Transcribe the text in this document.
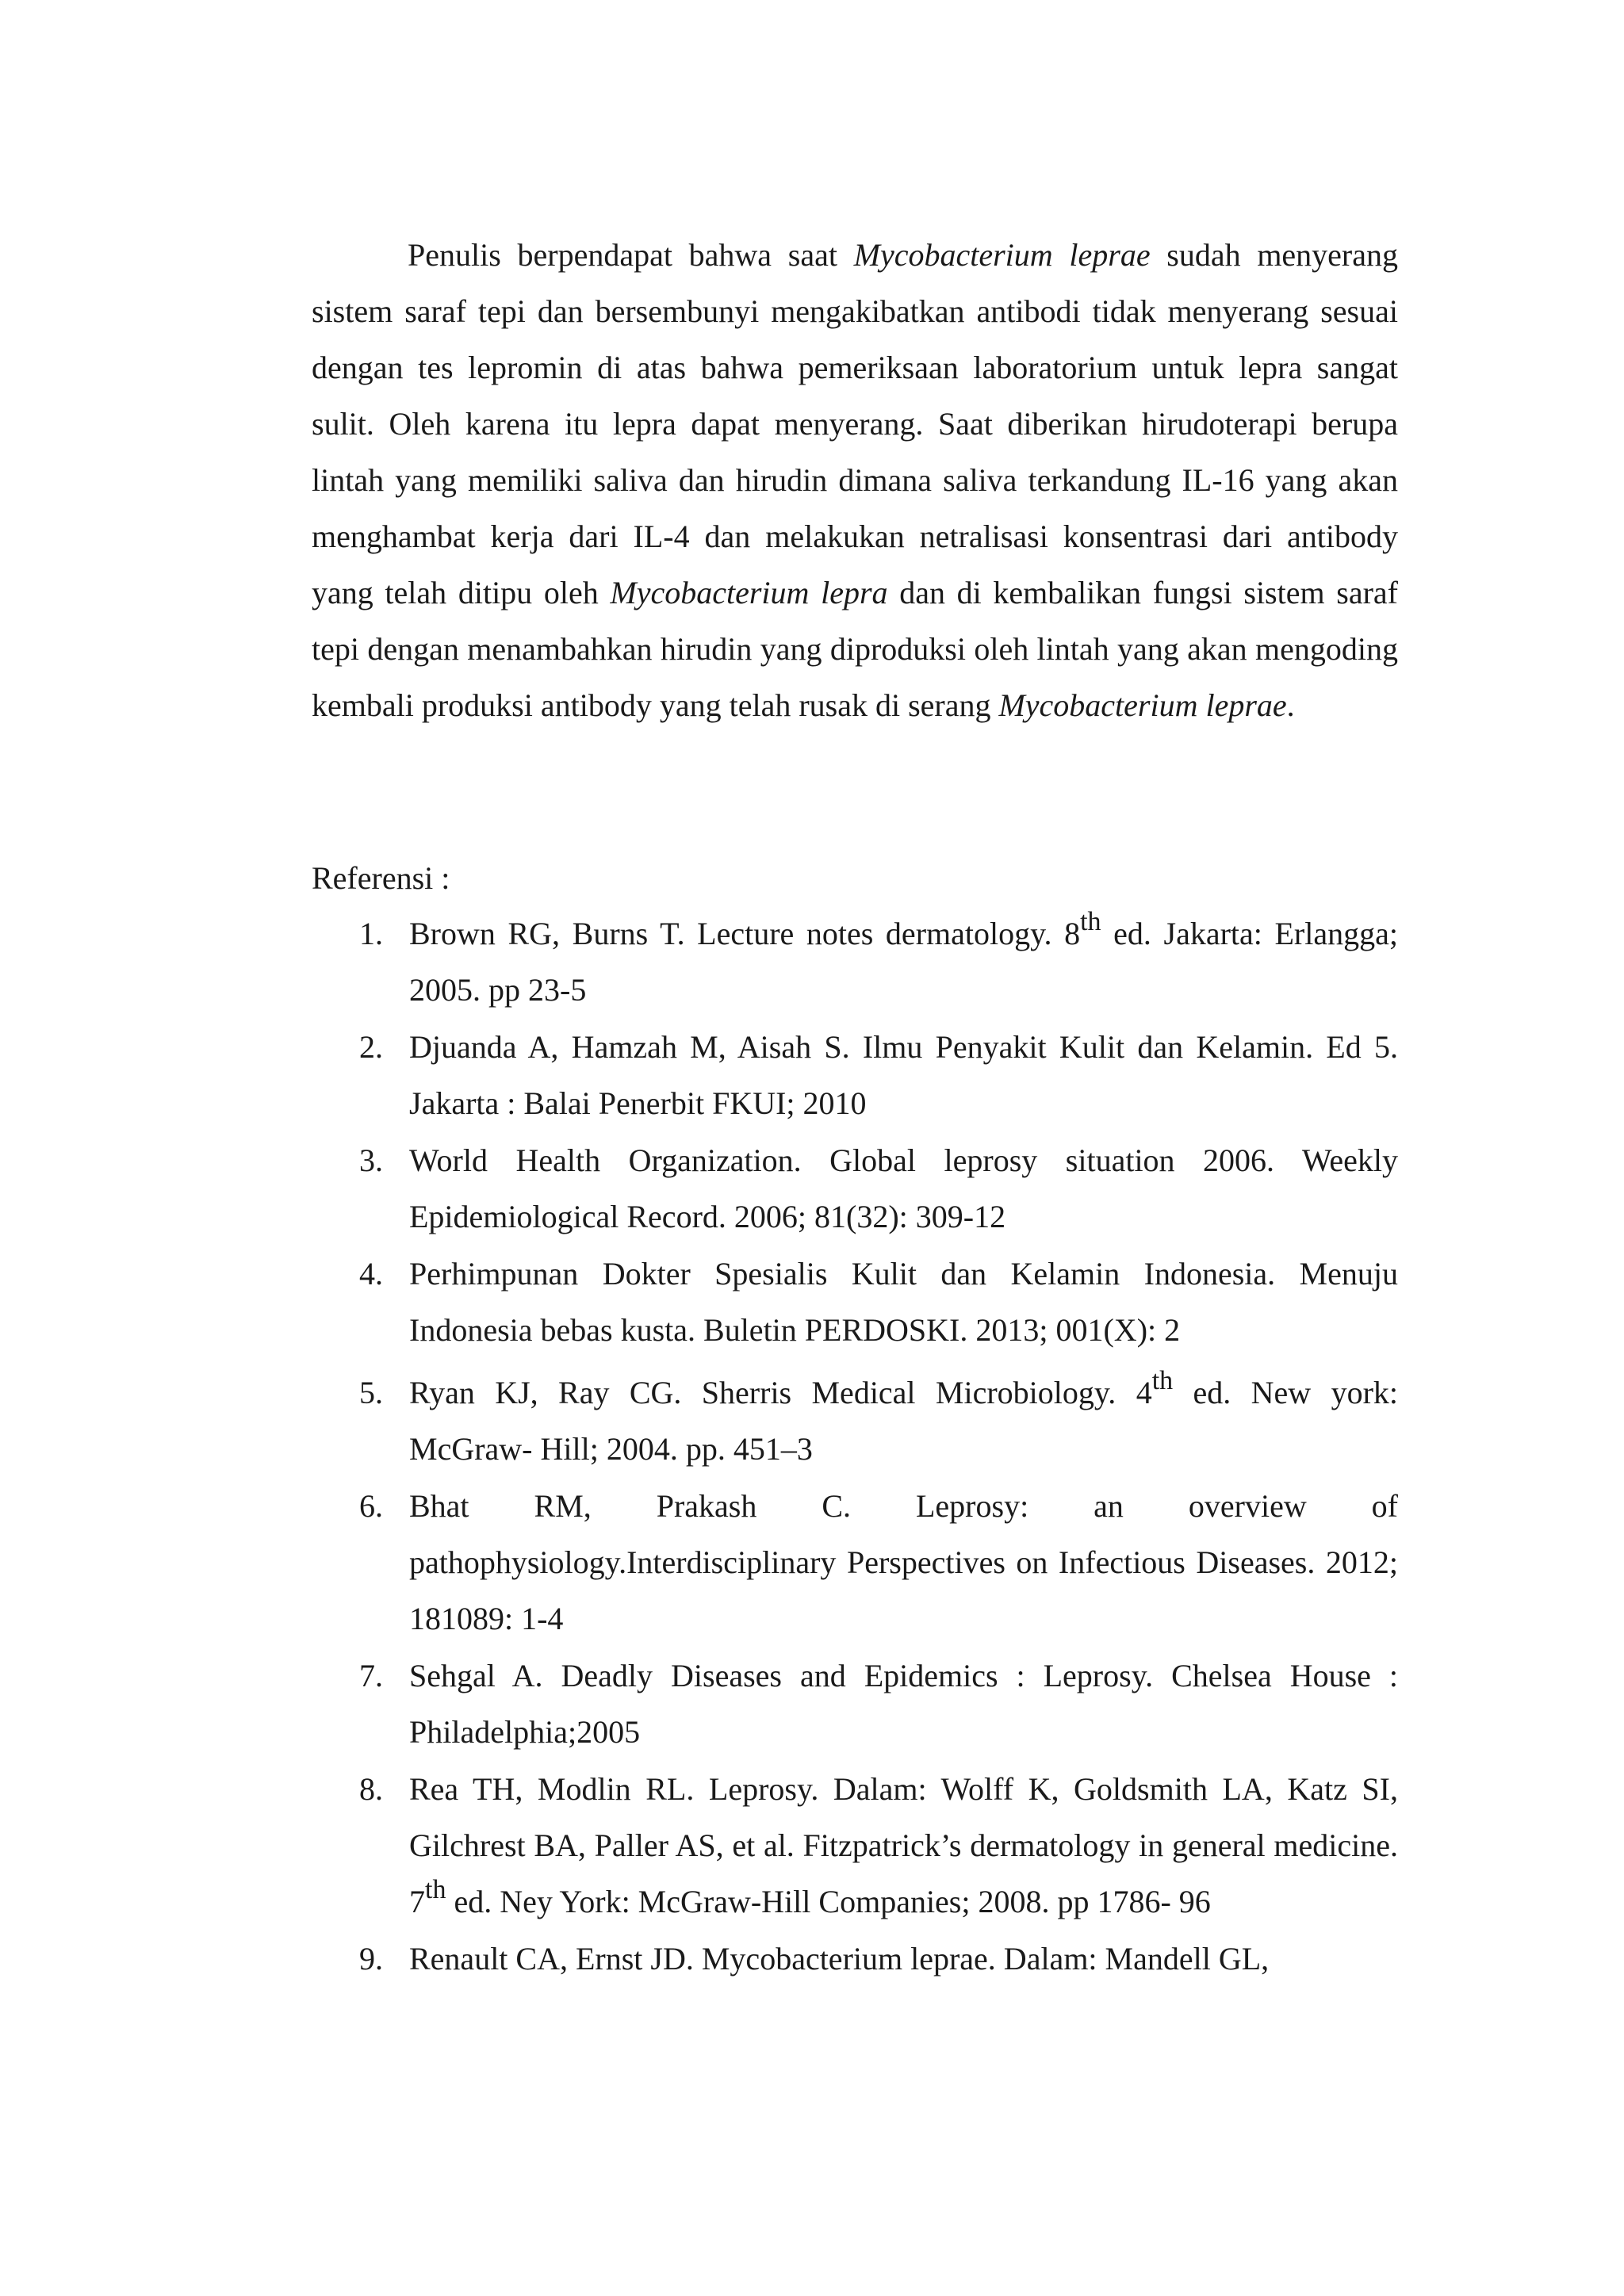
Penulis berpendapat bahwa saat Mycobacterium leprae sudah menyerang sistem saraf tepi dan bersembunyi mengakibatkan antibodi tidak menyerang sesuai dengan tes lepromin di atas bahwa pemeriksaan laboratorium untuk lepra sangat sulit. Oleh karena itu lepra dapat menyerang. Saat diberikan hirudoterapi berupa lintah yang memiliki saliva dan hirudin dimana saliva terkandung IL-16 yang akan menghambat kerja dari IL-4 dan melakukan netralisasi konsentrasi dari antibody yang telah ditipu oleh Mycobacterium lepra dan di kembalikan fungsi sistem saraf tepi dengan menambahkan hirudin yang diproduksi oleh lintah yang akan mengoding kembali produksi antibody yang telah rusak di serang Mycobacterium leprae.

Referensi :

1. Brown RG, Burns T. Lecture notes dermatology. 8th ed. Jakarta: Erlangga; 2005. pp 23-5
2. Djuanda A, Hamzah M, Aisah S. Ilmu Penyakit Kulit dan Kelamin. Ed 5. Jakarta : Balai Penerbit FKUI; 2010
3. World Health Organization. Global leprosy situation 2006. Weekly Epidemiological Record. 2006; 81(32): 309-12
4. Perhimpunan Dokter Spesialis Kulit dan Kelamin Indonesia. Menuju Indonesia bebas kusta. Buletin PERDOSKI. 2013; 001(X): 2
5. Ryan KJ, Ray CG. Sherris Medical Microbiology. 4th ed. New york: McGraw- Hill; 2004. pp. 451–3
6. Bhat RM, Prakash C. Leprosy: an overview of pathophysiology.Interdisciplinary Perspectives on Infectious Diseases. 2012; 181089: 1-4
7. Sehgal A. Deadly Diseases and Epidemics : Leprosy. Chelsea House : Philadelphia;2005
8. Rea TH, Modlin RL. Leprosy. Dalam: Wolff K, Goldsmith LA, Katz SI, Gilchrest BA, Paller AS, et al. Fitzpatrick’s dermatology in general medicine. 7th ed. Ney York: McGraw-Hill Companies; 2008. pp 1786- 96
9. Renault CA, Ernst JD. Mycobacterium leprae. Dalam: Mandell GL,
